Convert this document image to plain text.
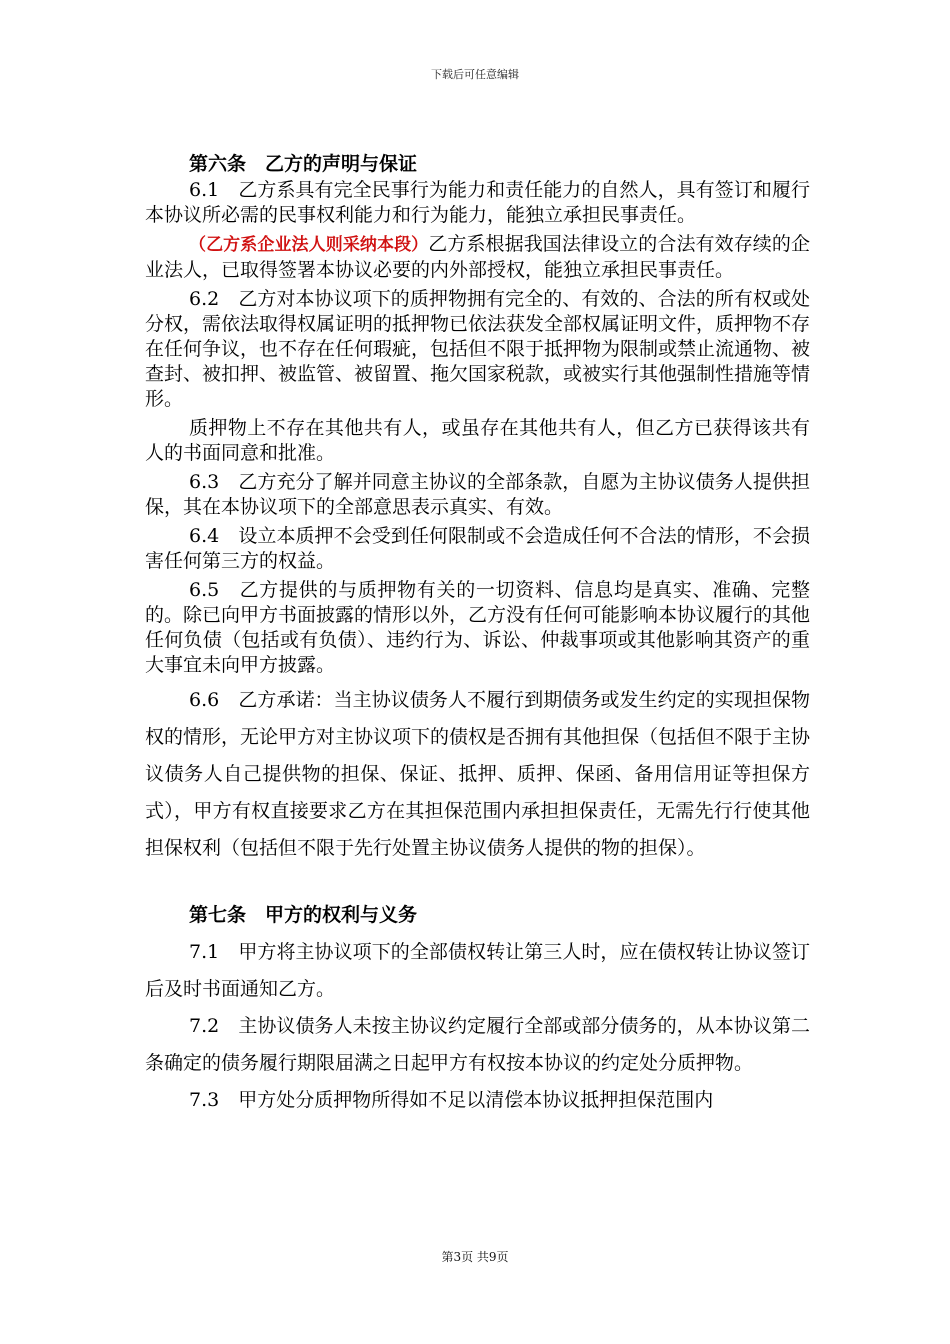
下载后可任意编辑

第六条　乙方的声明与保证

6.1　乙方系具有完全民事行为能力和责任能力的自然人，具有签订和履行本协议所必需的民事权利能力和行为能力，能独立承担民事责任。

（乙方系企业法人则采纳本段）乙方系根据我国法律设立的合法有效存续的企业法人，已取得签署本协议必要的内外部授权，能独立承担民事责任。

6.2　乙方对本协议项下的质押物拥有完全的、有效的、合法的所有权或处分权，需依法取得权属证明的抵押物已依法获发全部权属证明文件，质押物不存在任何争议，也不存在任何瑕疵，包括但不限于抵押物为限制或禁止流通物、被查封、被扣押、被监管、被留置、拖欠国家税款，或被实行其他强制性措施等情形。

质押物上不存在其他共有人，或虽存在其他共有人，但乙方已获得该共有人的书面同意和批准。

6.3　乙方充分了解并同意主协议的全部条款，自愿为主协议债务人提供担保，其在本协议项下的全部意思表示真实、有效。

6.4　设立本质押不会受到任何限制或不会造成任何不合法的情形，不会损害任何第三方的权益。

6.5　乙方提供的与质押物有关的一切资料、信息均是真实、准确、完整的。除已向甲方书面披露的情形以外，乙方没有任何可能影响本协议履行的其他任何负债（包括或有负债）、违约行为、诉讼、仲裁事项或其他影响其资产的重大事宜未向甲方披露。

6.6　乙方承诺：当主协议债务人不履行到期债务或发生约定的实现担保物权的情形，无论甲方对主协议项下的债权是否拥有其他担保（包括但不限于主协议债务人自己提供物的担保、保证、抵押、质押、保函、备用信用证等担保方式），甲方有权直接要求乙方在其担保范围内承担担保责任，无需先行行使其他担保权利（包括但不限于先行处置主协议债务人提供的物的担保）。

第七条　甲方的权利与义务

7.1　甲方将主协议项下的全部债权转让第三人时，应在债权转让协议签订后及时书面通知乙方。

7.2　主协议债务人未按主协议约定履行全部或部分债务的，从本协议第二条确定的债务履行期限届满之日起甲方有权按本协议的约定处分质押物。

7.3　甲方处分质押物所得如不足以清偿本协议抵押担保范围内

第3页 共9页
